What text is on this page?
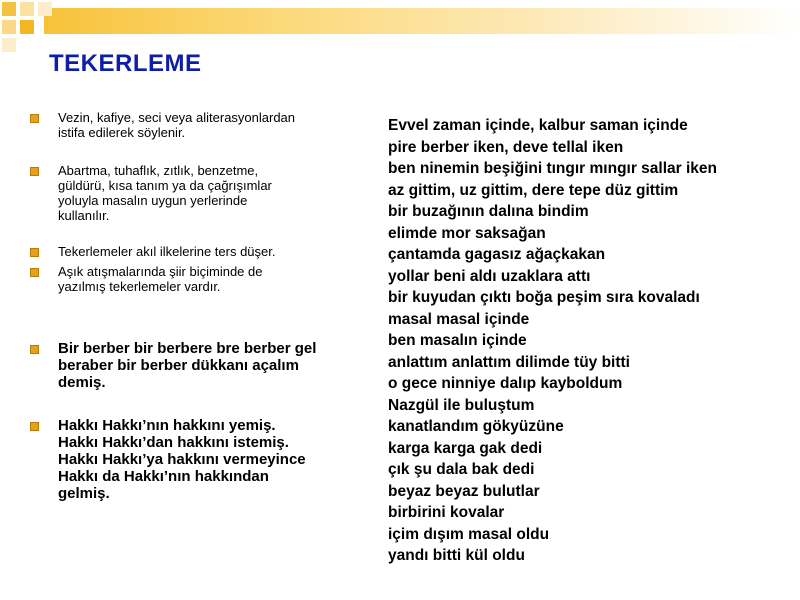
TEKERLEME
Vezin, kafiye, seci veya aliterasyonlardan
istifa edilerek söylenir.
Abartma, tuhaflık, zıtlık, benzetme,
güldürü, kısa tanım ya da çağrışımlar
yoluyla masalın uygun yerlerinde
kullanılır.
Tekerlemeler akıl ilkelerine ters düşer.
Aşık atışmalarında şiir biçiminde de
yazılmış tekerlemeler vardır.
Bir berber bir berbere bre berber gel
beraber bir berber dükkanı açalım
demiş.
Hakkı Hakkı’nın hakkını yemiş.
Hakkı Hakkı’dan hakkını istemiş.
Hakkı Hakkı’ya hakkını vermeyince
Hakkı da Hakkı’nın hakkından
gelmiş.
Evvel zaman içinde, kalbur saman içinde
pire berber iken, deve tellal iken
ben ninemin beşiğini tıngır mıngır sallar iken
az gittim, uz gittim, dere tepe düz gittim
bir buzağının dalına bindim
elimde mor saksağan
çantamda gagasız ağaçkakan
yollar beni aldı uzaklara attı
bir kuyudan çıktı boğa peşim sıra kovaladı
masal masal içinde
ben masalın içinde
anlattım anlattım dilimde tüy bitti
o gece ninniye dalıp kayboldum
Nazgül ile buluştum
kanatlandım gökyüzüne
karga karga gak dedi
çık şu dala bak dedi
beyaz beyaz bulutlar
birbirini kovalar
içim dışım masal oldu
yandı bitti kül oldu
